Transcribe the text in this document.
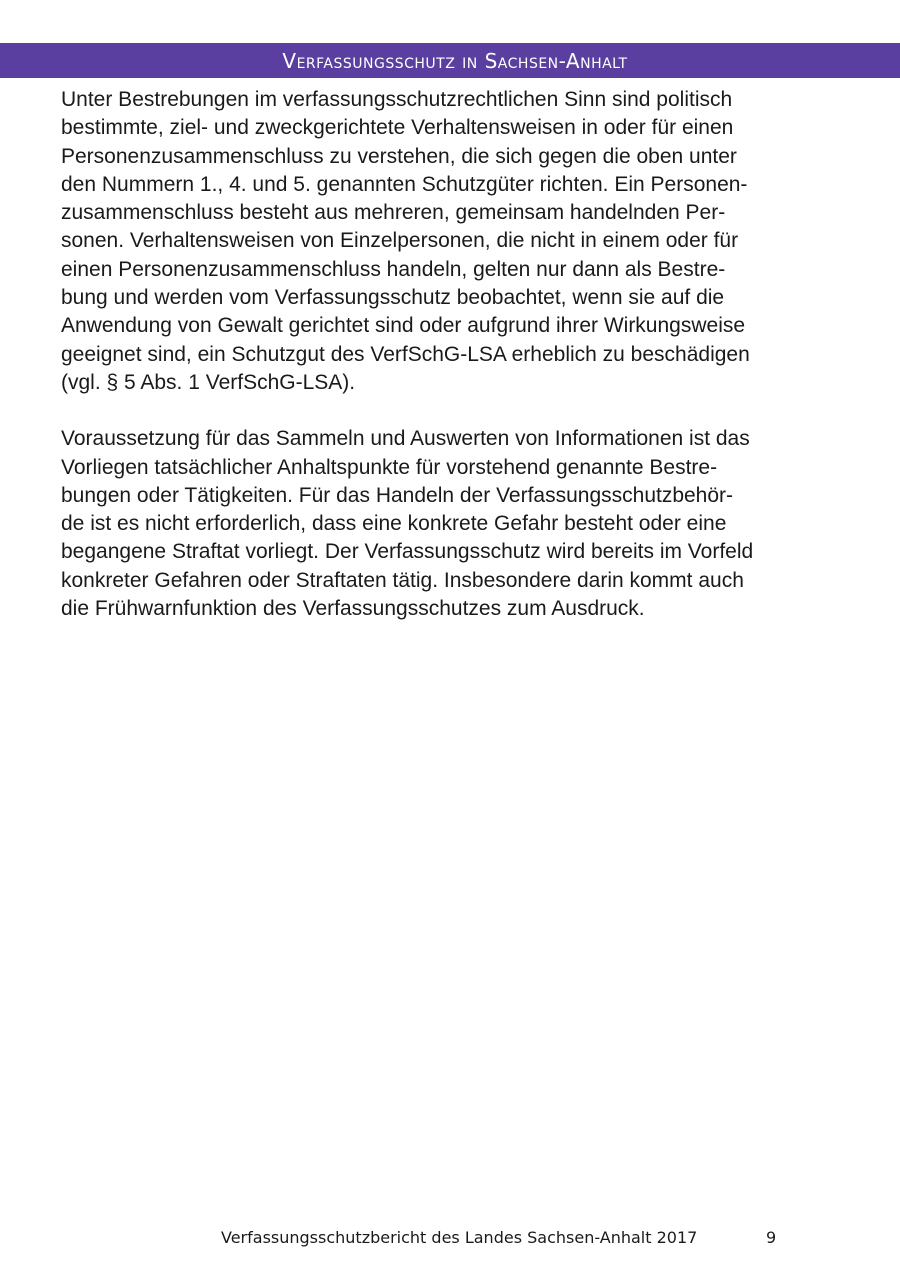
Verfassungsschutz in Sachsen-Anhalt

Unter Bestrebungen im verfassungsschutzrechtlichen Sinn sind politisch
bestimmte, ziel- und zweckgerichtete Verhaltensweisen in oder für einen
Personenzusammenschluss zu verstehen, die sich gegen die oben unter
den Nummern 1., 4. und 5. genannten Schutzgüter richten. Ein Personen-
zusammenschluss besteht aus mehreren, gemeinsam handelnden Per-
sonen. Verhaltensweisen von Einzelpersonen, die nicht in einem oder für
einen Personenzusammenschluss handeln, gelten nur dann als Bestre-
bung und werden vom Verfassungsschutz beobachtet, wenn sie auf die
Anwendung von Gewalt gerichtet sind oder aufgrund ihrer Wirkungsweise
geeignet sind, ein Schutzgut des VerfSchG-LSA erheblich zu beschädigen
(vgl. § 5 Abs. 1 VerfSchG-LSA).

Voraussetzung für das Sammeln und Auswerten von Informationen ist das
Vorliegen tatsächlicher Anhaltspunkte für vorstehend genannte Bestre-
bungen oder Tätigkeiten. Für das Handeln der Verfassungsschutzbehör-
de ist es nicht erforderlich, dass eine konkrete Gefahr besteht oder eine
begangene Straftat vorliegt. Der Verfassungsschutz wird bereits im Vorfeld
konkreter Gefahren oder Straftaten tätig. Insbesondere darin kommt auch
die Frühwarnfunktion des Verfassungsschutzes zum Ausdruck.

Verfassungsschutzbericht des Landes Sachsen-Anhalt 2017	9
